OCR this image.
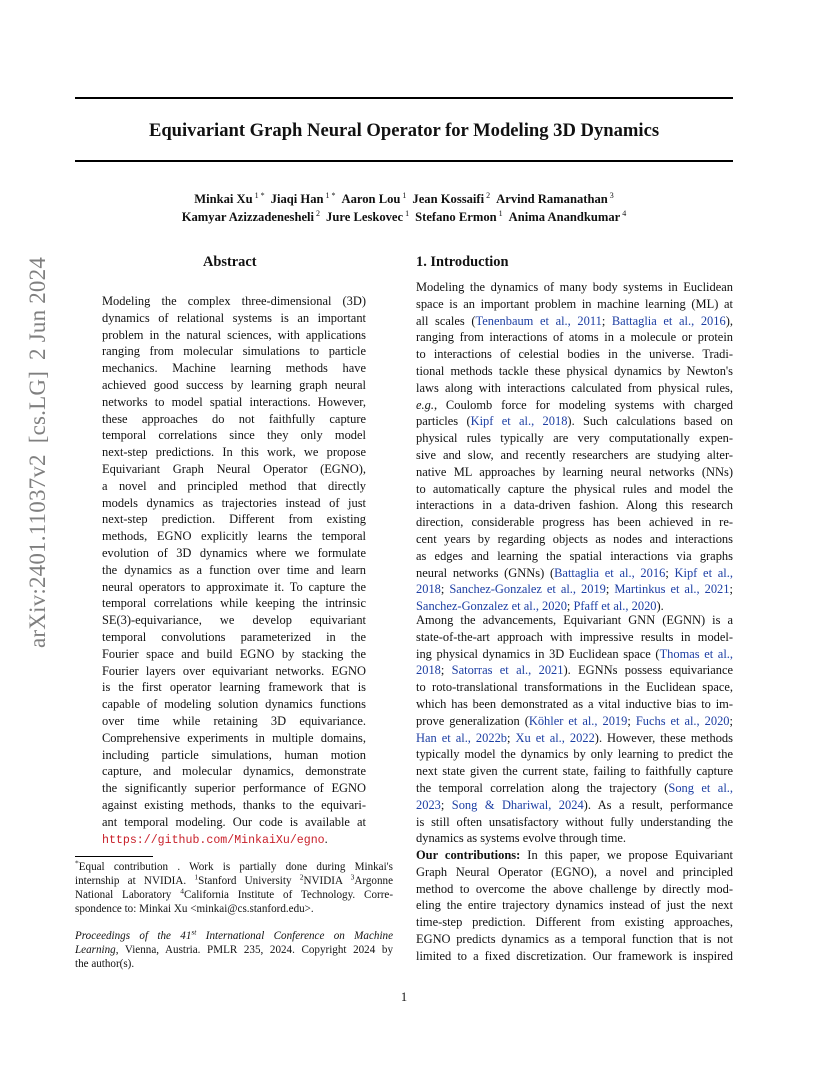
Equivariant Graph Neural Operator for Modeling 3D Dynamics
Minkai Xu $^{1 *}$ Jiaqi Han $^{1 *}$ Aaron Lou $^1$ Jean Kossaifi $^2$ Arvind Ramanathan $^3$
Kamyar Azizzadenesheli $^2$ Jure Leskovec $^1$ Stefano Ermon $^1$ Anima Anandkumar $^4$
arXiv:2401.11037v2[cs.LG]2 Jun 2024	Abstract
Modeling the complex three-dimensional (3D)
dynamics of relational systems is an important
problem in the natural sciences, with applications
ranging from molecular simulations to particle
mechanics. Machine learning methods have
achieved good success by learning graph neural
networks to model spatial interactions. However,
these approaches do not faithfully capture
temporal correlations since they only model
next-step predictions. In this work, we propose
Equivariant Graph Neural Operator (EGNO),
a novel and principled method that directly
models dynamics as trajectories instead of just
next-step prediction. Different from existing
methods, EGNO explicitly learns the temporal
evolution of 3D dynamics where we formulate
the dynamics as a function over time and learn
neural operators to approximate it. To capture the
temporal correlations while keeping the intrinsic
SE(3)-equivariance, we develop equivariant
temporal convolutions parameterized in the
Fourier space and build EGNO by stacking the
Fourier layers over equivariant networks. EGNO
is the first operator learning framework that is
capable of modeling solution dynamics functions
over time while retaining 3D equivariance.
Comprehensive experiments in multiple domains,
including particle simulations, human motion
capture, and molecular dynamics, demonstrate
the significantly superior performance of EGNO
against existing methods, thanks to the equivari-
ant temporal modeling. Our code is available at
https://github.com/MinkaiXu/egno.
*Equal contribution . Work is partially done during Minkai's
​internship at NVIDIA. $^1$Stanford University $^2$NVIDIA $^3$Argonne
​National Laboratory $^4$California Institute of Technology. Corre-
​spondence to: Minkai Xu <minkai@cs.stanford.edu>.
Proceedings of the 41st International Conference on Machine
Learning, Vienna, Austria. PMLR 235, 2024. Copyright 2024 by
the author(s).
1. Introduction
Modeling the dynamics of many body systems in Euclidean
space is an important problem in machine learning (ML) at
all scales (Tenenbaum et al., 2011; Battaglia et al., 2016),
ranging from interactions of atoms in a molecule or protein
to interactions of celestial bodies in the universe. Tradi-
tional methods tackle these physical dynamics by Newton's
laws along with interactions calculated from physical rules,
e.g., Coulomb force for modeling systems with charged
particles (Kipf et al., 2018). Such calculations based on
physical rules typically are very computationally expen-
sive and slow, and recently researchers are studying alter-
native ML approaches by learning neural networks (NNs)
to automatically capture the physical rules and model the
interactions in a data-driven fashion. Along this research
direction, considerable progress has been achieved in re-
cent years by regarding objects as nodes and interactions
as edges and learning the spatial interactions via graphs
neural networks (GNNs) (Battaglia et al., 2016; Kipf et al.,
2018; Sanchez-Gonzalez et al., 2019; Martinkus et al., 2021;
Sanchez-Gonzalez et al., 2020; Pfaff et al., 2020).
Among the advancements, Equivariant GNN (EGNN) is a
state-of-the-art approach with impressive results in model-
ing physical dynamics in 3D Euclidean space (Thomas et al.,
2018; Satorras et al., 2021). EGNNs possess equivariance
to roto-translational transformations in the Euclidean space,
which has been demonstrated as a vital inductive bias to im-
prove generalization (Köhler et al., 2019; Fuchs et al., 2020;
Han et al., 2022b; Xu et al., 2022). However, these methods
typically model the dynamics by only learning to predict the
next state given the current state, failing to faithfully capture
the temporal correlation along the trajectory (Song et al.,
2023; Song & Dhariwal, 2024). As a result, performance
is still often unsatisfactory without fully understanding the
dynamics as systems evolve through time.
Our contributions: In this paper, we propose Equivariant
Graph Neural Operator (EGNO), a novel and principled
method to overcome the above challenge by directly mod-
eling the entire trajectory dynamics instead of just the next
time-step prediction. Different from existing approaches,
EGNO predicts dynamics as a temporal function that is not
limited to a fixed discretization. Our framework is inspired
1
